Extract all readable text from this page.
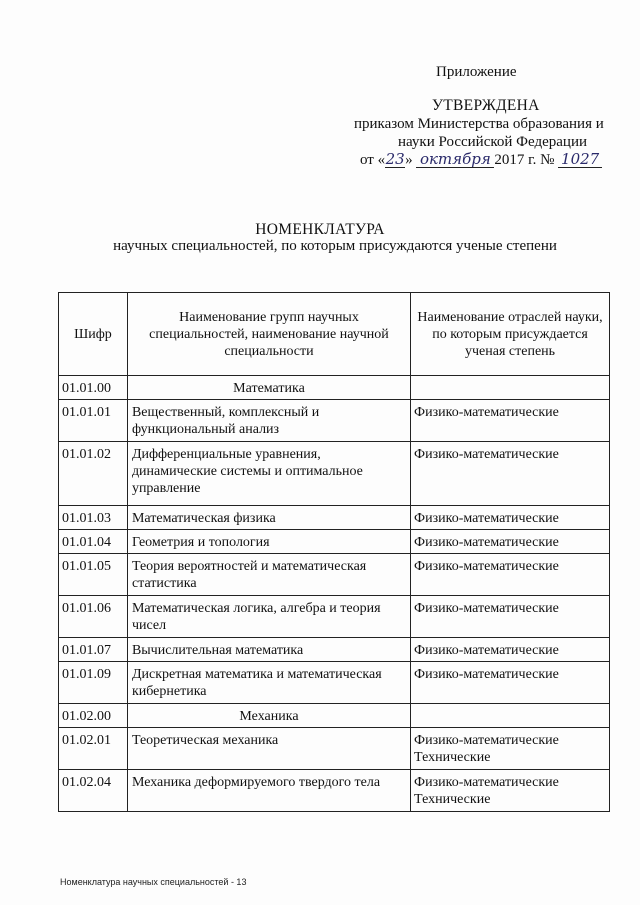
Приложение
УТВЕРЖДЕНА
приказом Министерства образования и
науки Российской Федерации
от «23» октября 2017 г. № 1027
НОМЕНКЛАТУРА
научных специальностей, по которым присуждаются ученые степени
Шифр	Наименование групп научных специальностей, наименование научной специальности	Наименование отраслей науки, по которым присуждается ученая степень
01.01.00	Математика	
01.01.01	Вещественный, комплексный и функциональный анализ	Физико-математические
01.01.02	Дифференциальные уравнения, динамические системы и оптимальное управление	Физико-математические
01.01.03	Математическая физика	Физико-математические
01.01.04	Геометрия и топология	Физико-математические
01.01.05	Теория вероятностей и математическая статистика	Физико-математические
01.01.06	Математическая логика, алгебра и теория чисел	Физико-математические
01.01.07	Вычислительная математика	Физико-математические
01.01.09	Дискретная математика и математическая кибернетика	Физико-математические
01.02.00	Механика	
01.02.01	Теоретическая механика	Физико-математические
Технические
01.02.04	Механика деформируемого твердого тела	Физико-математические
Технические
Номенклатура научных специальностей - 13
